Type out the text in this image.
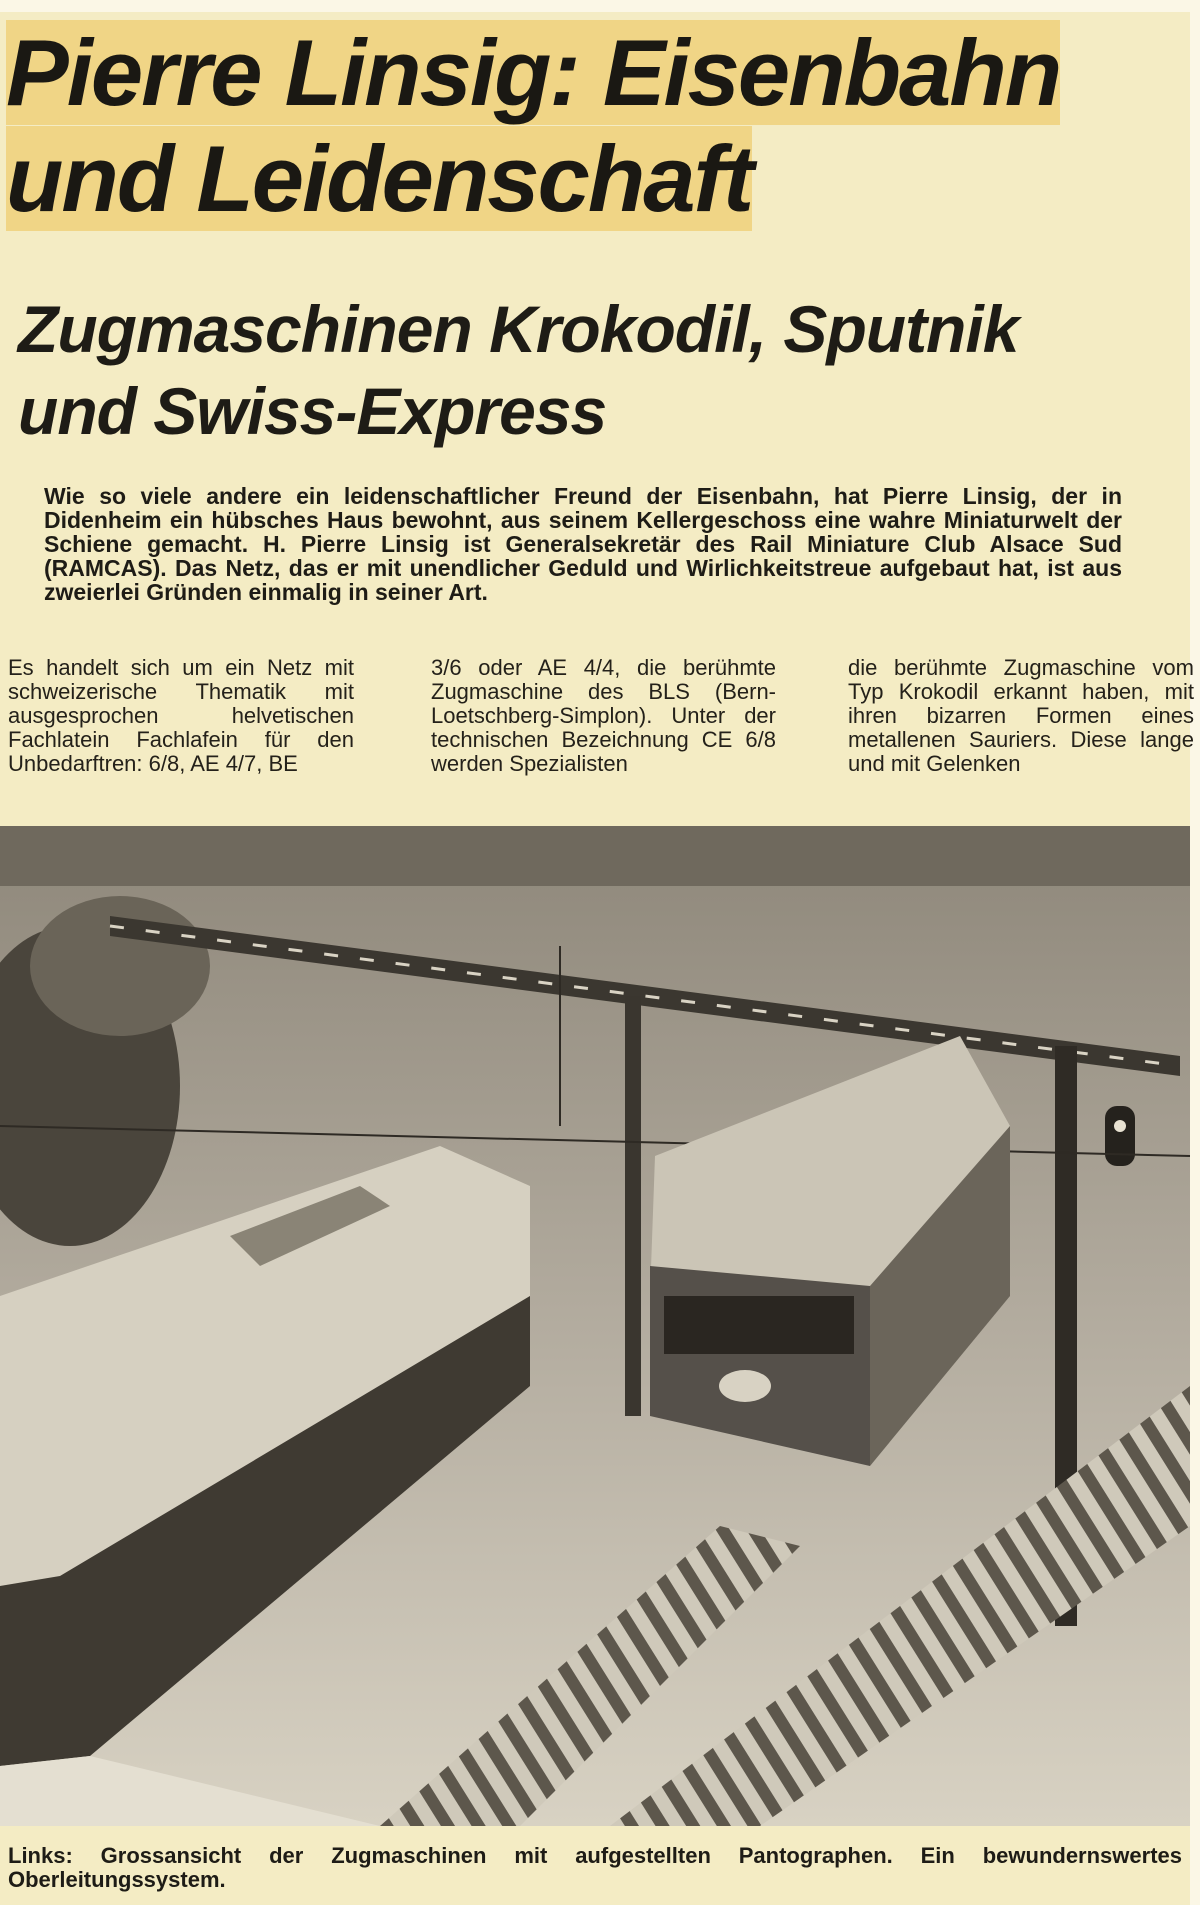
Pierre Linsig: Eisenbahn
und Leidenschaft
Zugmaschinen Krokodil, Sputnik
und Swiss-Express

Wie so viele andere ein leidenschaftlicher Freund der Eisenbahn, hat Pierre Linsig, der in Didenheim ein hübsches Haus bewohnt, aus seinem Kellergeschoss eine wahre Miniaturwelt der Schiene gemacht. H. Pierre Linsig ist Generalsekretär des Rail Miniature Club Alsace Sud (RAMCAS). Das Netz, das er mit unendlicher Geduld und Wirlichkeitstreue aufgebaut hat, ist aus zweierlei Gründen einmalig in seiner Art.

Es handelt sich um ein Netz mit schweizerische Thematik mit ausgesprochen helvetischen Fachlatein Fachlafein für den Unbedarftren: 6/8, AE 4/7, BE

3/6 oder AE 4/4, die berühmte Zugmaschine des BLS (Bern-Loetschberg-Simplon). Unter der technischen Bezeichnung CE 6/8 werden Spezialisten

die berühmte Zugmaschine vom Typ Krokodil erkannt haben, mit ihren bizarren Formen eines metallenen Sauriers. Diese lange und mit Gelenken

Links: Grossansicht der Zugmaschinen mit aufgestellten Pantographen. Ein bewundernswertes Oberleitungssystem.
